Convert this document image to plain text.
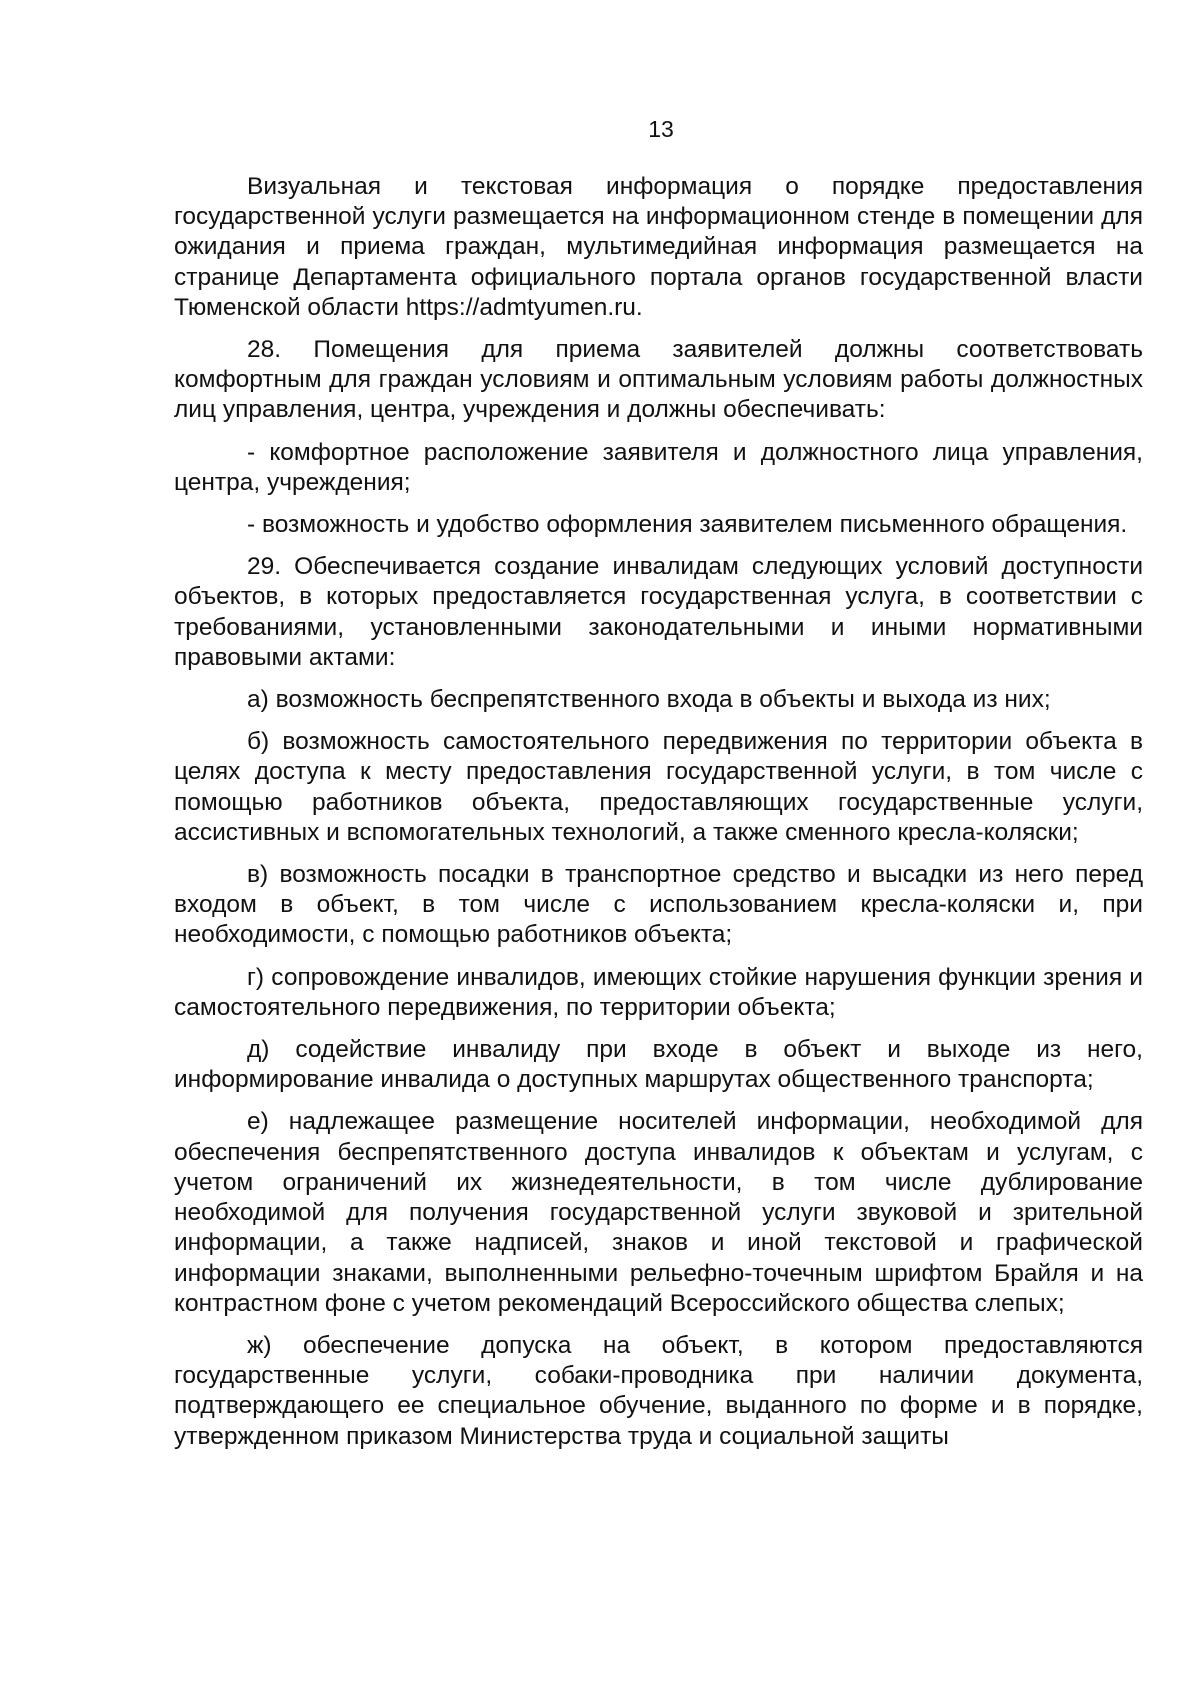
13

Визуальная и текстовая информация о порядке предоставления государственной услуги размещается на информационном стенде в помещении для ожидания и приема граждан, мультимедийная информация размещается на странице Департамента официального портала органов государственной власти Тюменской области https://admtyumen.ru.

28. Помещения для приема заявителей должны соответствовать комфортным для граждан условиям и оптимальным условиям работы должностных лиц управления, центра, учреждения и должны обеспечивать:

- комфортное расположение заявителя и должностного лица управления, центра, учреждения;

- возможность и удобство оформления заявителем письменного обращения.

29. Обеспечивается создание инвалидам следующих условий доступности объектов, в которых предоставляется государственная услуга, в соответствии с требованиями, установленными законодательными и иными нормативными правовыми актами:

а) возможность беспрепятственного входа в объекты и выхода из них;

б) возможность самостоятельного передвижения по территории объекта в целях доступа к месту предоставления государственной услуги, в том числе с помощью работников объекта, предоставляющих государственные услуги, ассистивных и вспомогательных технологий, а также сменного кресла-коляски;

в) возможность посадки в транспортное средство и высадки из него перед входом в объект, в том числе с использованием кресла-коляски и, при необходимости, с помощью работников объекта;

г) сопровождение инвалидов, имеющих стойкие нарушения функции зрения и самостоятельного передвижения, по территории объекта;

д) содействие инвалиду при входе в объект и выходе из него, информирование инвалида о доступных маршрутах общественного транспорта;

е) надлежащее размещение носителей информации, необходимой для обеспечения беспрепятственного доступа инвалидов к объектам и услугам, с учетом ограничений их жизнедеятельности, в том числе дублирование необходимой для получения государственной услуги звуковой и зрительной информации, а также надписей, знаков и иной текстовой и графической информации знаками, выполненными рельефно-точечным шрифтом Брайля и на контрастном фоне с учетом рекомендаций Всероссийского общества слепых;

ж) обеспечение допуска на объект, в котором предоставляются государственные услуги, собаки-проводника при наличии документа, подтверждающего ее специальное обучение, выданного по форме и в порядке, утвержденном приказом Министерства труда и социальной защиты
